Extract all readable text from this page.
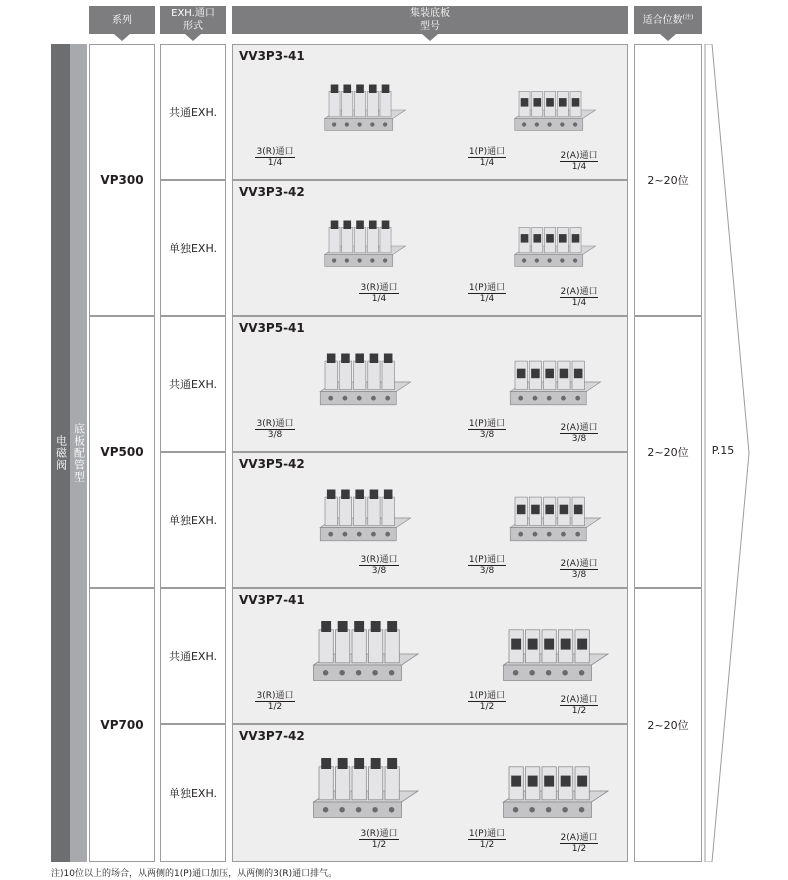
系列
EXH.通口
形式
集装底板
型号
适合位数 (注)
电磁阀 底板配管型
VP300
VP500
VP700
共通EXH.
单独EXH.
共通EXH.
单独EXH.
共通EXH.
单独EXH.
VV3P3-41
3(R)通口
1/4
1(P)通口
1/4
2(A)通口
1/4
VV3P3-42
3(R)通口
1/4
1(P)通口
1/4
2(A)通口
1/4
VV3P5-41
3(R)通口
3/8
1(P)通口
3/8
2(A)通口
3/8
VV3P5-42
3(R)通口
3/8
1(P)通口
3/8
2(A)通口
3/8
VV3P7-41
3(R)通口
1/2
1(P)通口
1/2
2(A)通口
1/2
VV3P7-42
3(R)通口
1/2
1(P)通口
1/2
2(A)通口
1/2
2~20位
2~20位
2~20位
P.15
注)10位以上的场合，从两侧的1(P)通口加压，从两侧的3(R)通口排气。
